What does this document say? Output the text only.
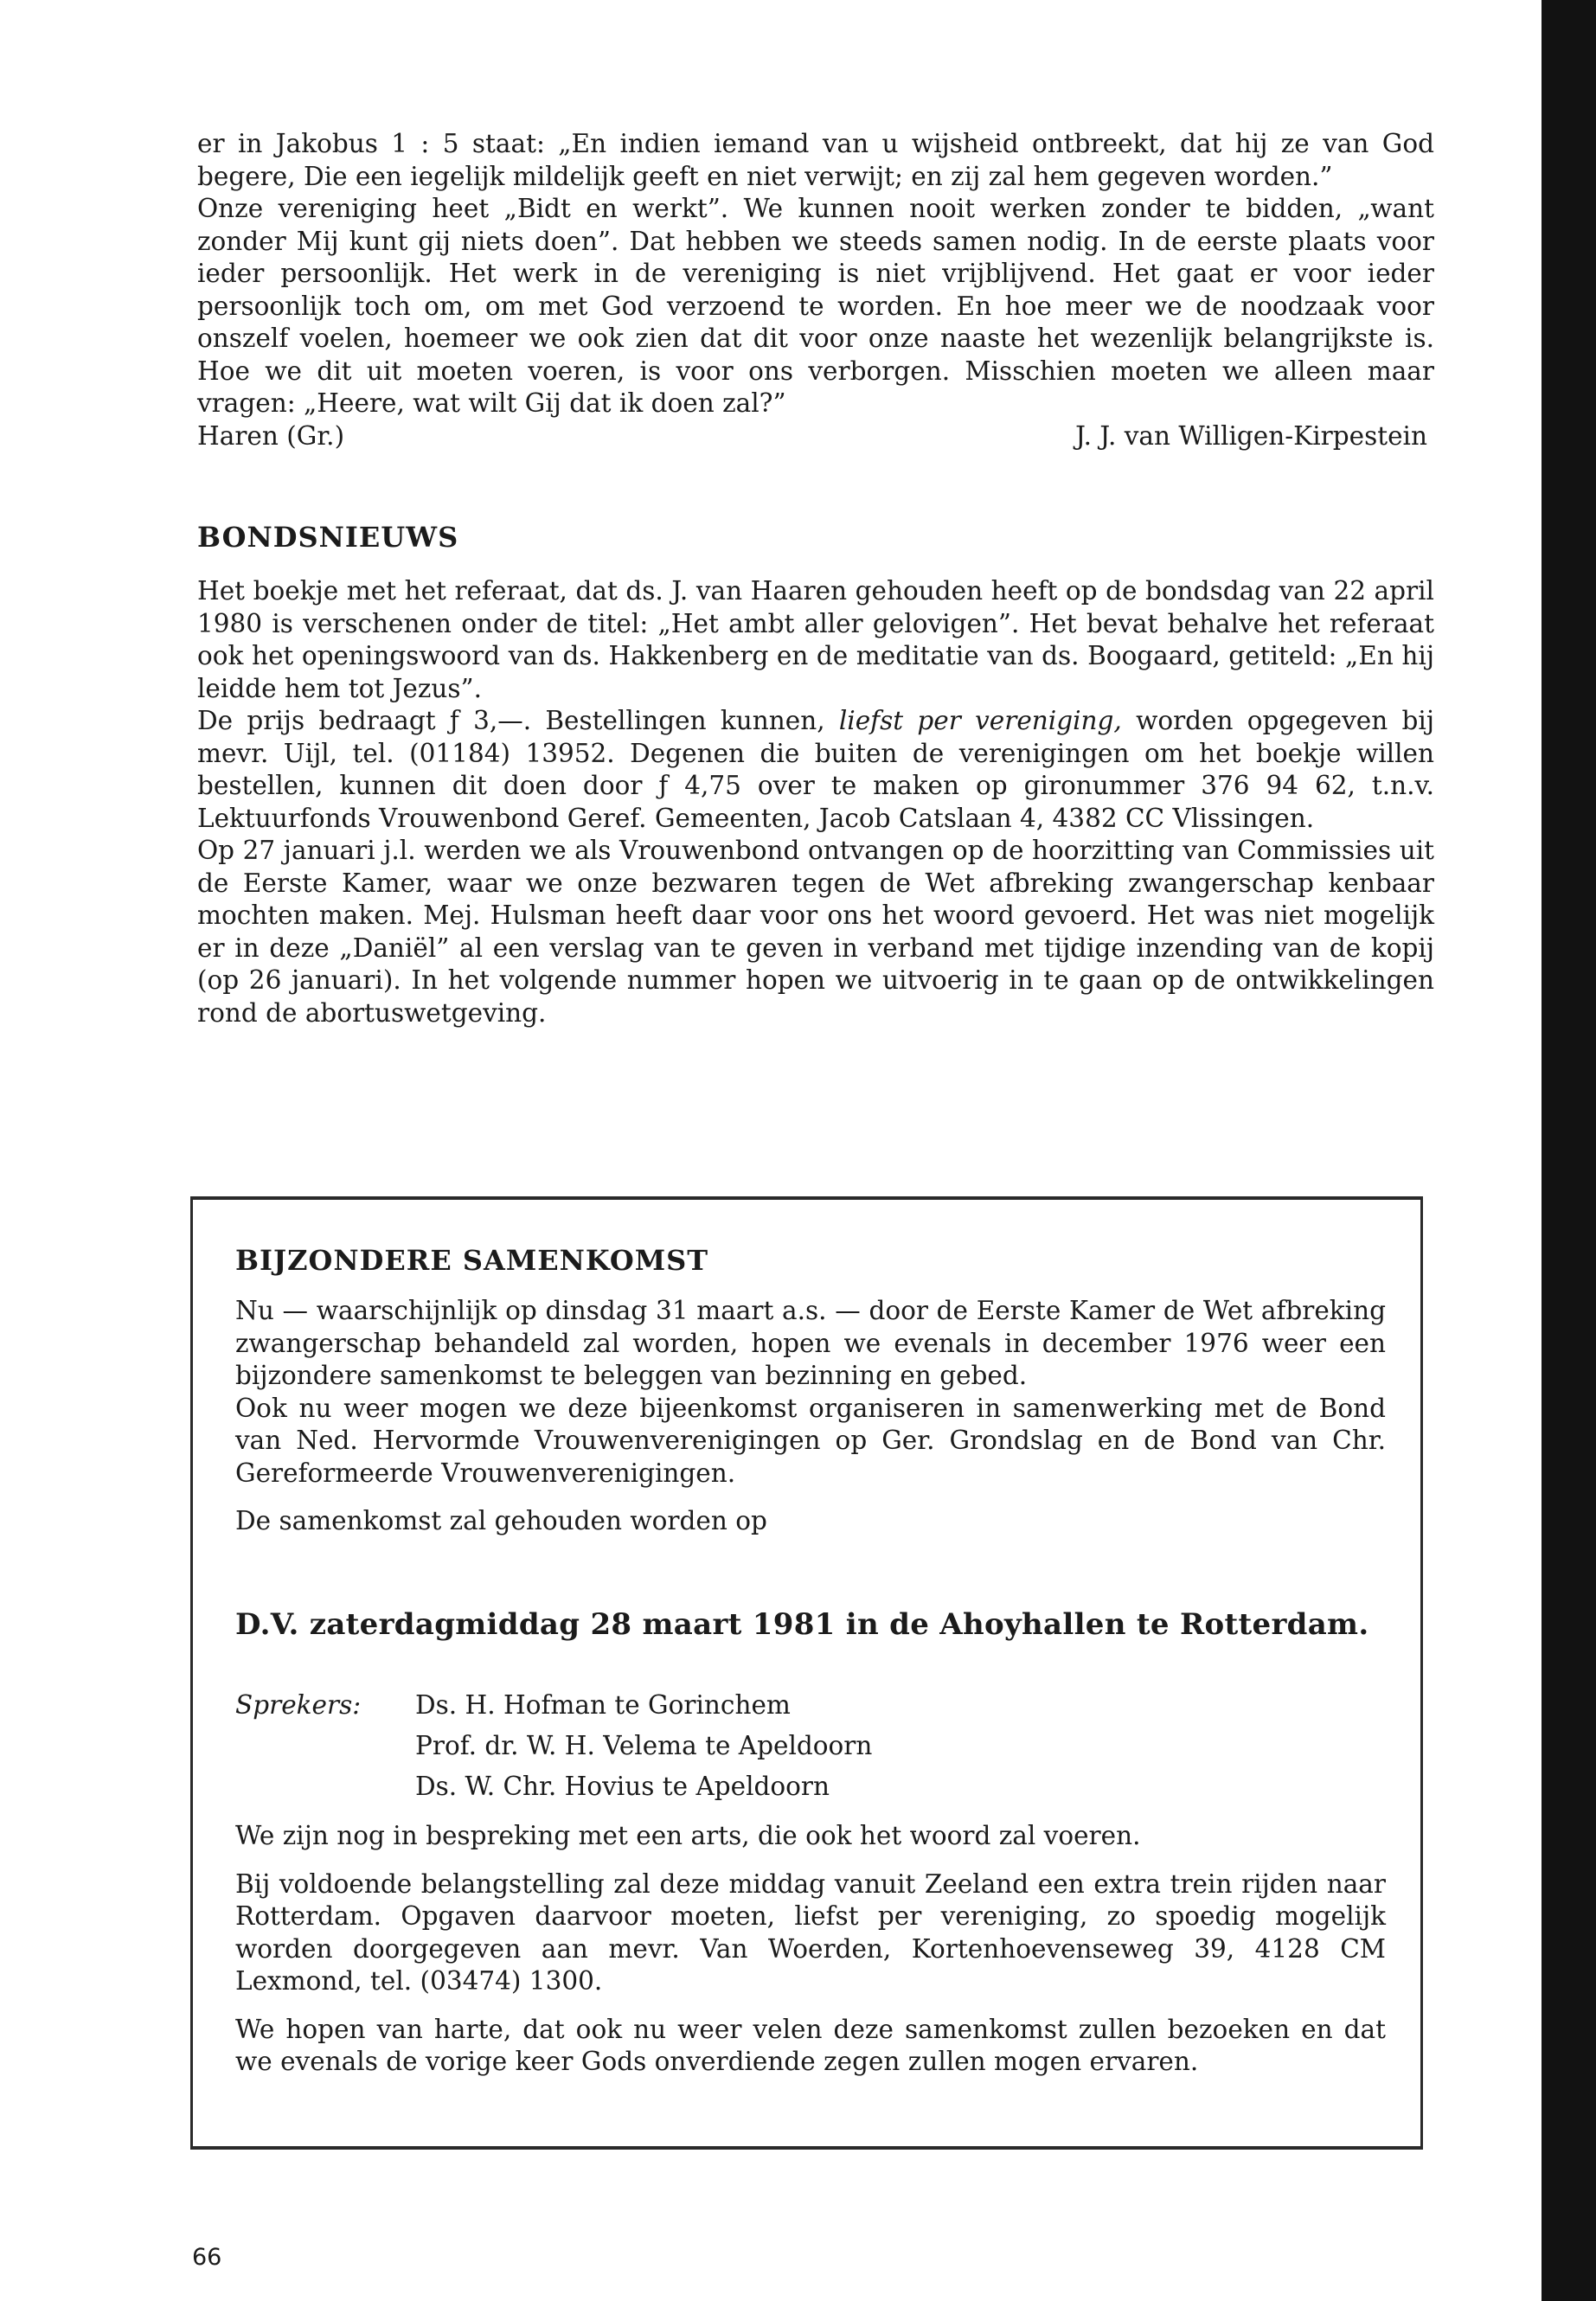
er in Jakobus 1 : 5 staat: „En indien iemand van u wijsheid ontbreekt, dat hij ze van God begere, Die een iegelijk mildelijk geeft en niet verwijt; en zij zal hem gegeven worden.”

Onze vereniging heet „Bidt en werkt”. We kunnen nooit werken zonder te bidden, „want zonder Mij kunt gij niets doen”. Dat hebben we steeds samen nodig. In de eerste plaats voor ieder persoonlijk. Het werk in de vereniging is niet vrijblijvend. Het gaat er voor ieder persoonlijk toch om, om met God verzoend te worden. En hoe meer we de noodzaak voor onszelf voelen, hoemeer we ook zien dat dit voor onze naaste het wezenlijk belangrijkste is. Hoe we dit uit moeten voeren, is voor ons verborgen. Misschien moeten we alleen maar vragen: „Heere, wat wilt Gij dat ik doen zal?”

Haren (Gr.)	J. J. van Willigen-Kirpestein
BONDSNIEUWS

Het boekje met het referaat, dat ds. J. van Haaren gehouden heeft op de bondsdag van 22 april 1980 is verschenen onder de titel: „Het ambt aller gelovigen”. Het bevat behalve het referaat ook het openingswoord van ds. Hakkenberg en de meditatie van ds. Boogaard, getiteld: „En hij leidde hem tot Jezus”.

De prijs bedraagt ƒ 3,—. Bestellingen kunnen, liefst per vereniging, worden opgegeven bij mevr. Uijl, tel. (01184) 13952. Degenen die buiten de verenigingen om het boekje willen bestellen, kunnen dit doen door ƒ 4,75 over te maken op gironummer 376 94 62, t.n.v. Lektuurfonds Vrouwenbond Geref. Gemeenten, Jacob Catslaan 4, 4382 CC Vlissingen.

Op 27 januari j.l. werden we als Vrouwenbond ontvangen op de hoorzitting van Commissies uit de Eerste Kamer, waar we onze bezwaren tegen de Wet afbreking zwangerschap kenbaar mochten maken. Mej. Hulsman heeft daar voor ons het woord gevoerd. Het was niet mogelijk er in deze „Daniël” al een verslag van te geven in verband met tijdige inzending van de kopij (op 26 januari). In het volgende nummer hopen we uitvoerig in te gaan op de ontwikkelingen rond de abortuswetgeving.

BIJZONDERE SAMENKOMST

Nu — waarschijnlijk op dinsdag 31 maart a.s. — door de Eerste Kamer de Wet afbreking zwangerschap behandeld zal worden, hopen we evenals in december 1976 weer een bijzondere samenkomst te beleggen van bezinning en gebed.

Ook nu weer mogen we deze bijeenkomst organiseren in samenwerking met de Bond van Ned. Hervormde Vrouwenverenigingen op Ger. Grondslag en de Bond van Chr. Gereformeerde Vrouwenverenigingen.

De samenkomst zal gehouden worden op

D.V. zaterdagmiddag 28 maart 1981 in de Ahoyhallen te Rotterdam.

Sprekers:	Ds. H. Hofman te Gorinchem
Prof. dr. W. H. Velema te Apeldoorn
Ds. W. Chr. Hovius te Apeldoorn

We zijn nog in bespreking met een arts, die ook het woord zal voeren.

Bij voldoende belangstelling zal deze middag vanuit Zeeland een extra trein rijden naar Rotterdam. Opgaven daarvoor moeten, liefst per vereniging, zo spoedig mogelijk worden doorgegeven aan mevr. Van Woerden, Kortenhoevenseweg 39, 4128 CM Lexmond, tel. (03474) 1300.

We hopen van harte, dat ook nu weer velen deze samenkomst zullen bezoeken en dat we evenals de vorige keer Gods onverdiende zegen zullen mogen ervaren.

66
